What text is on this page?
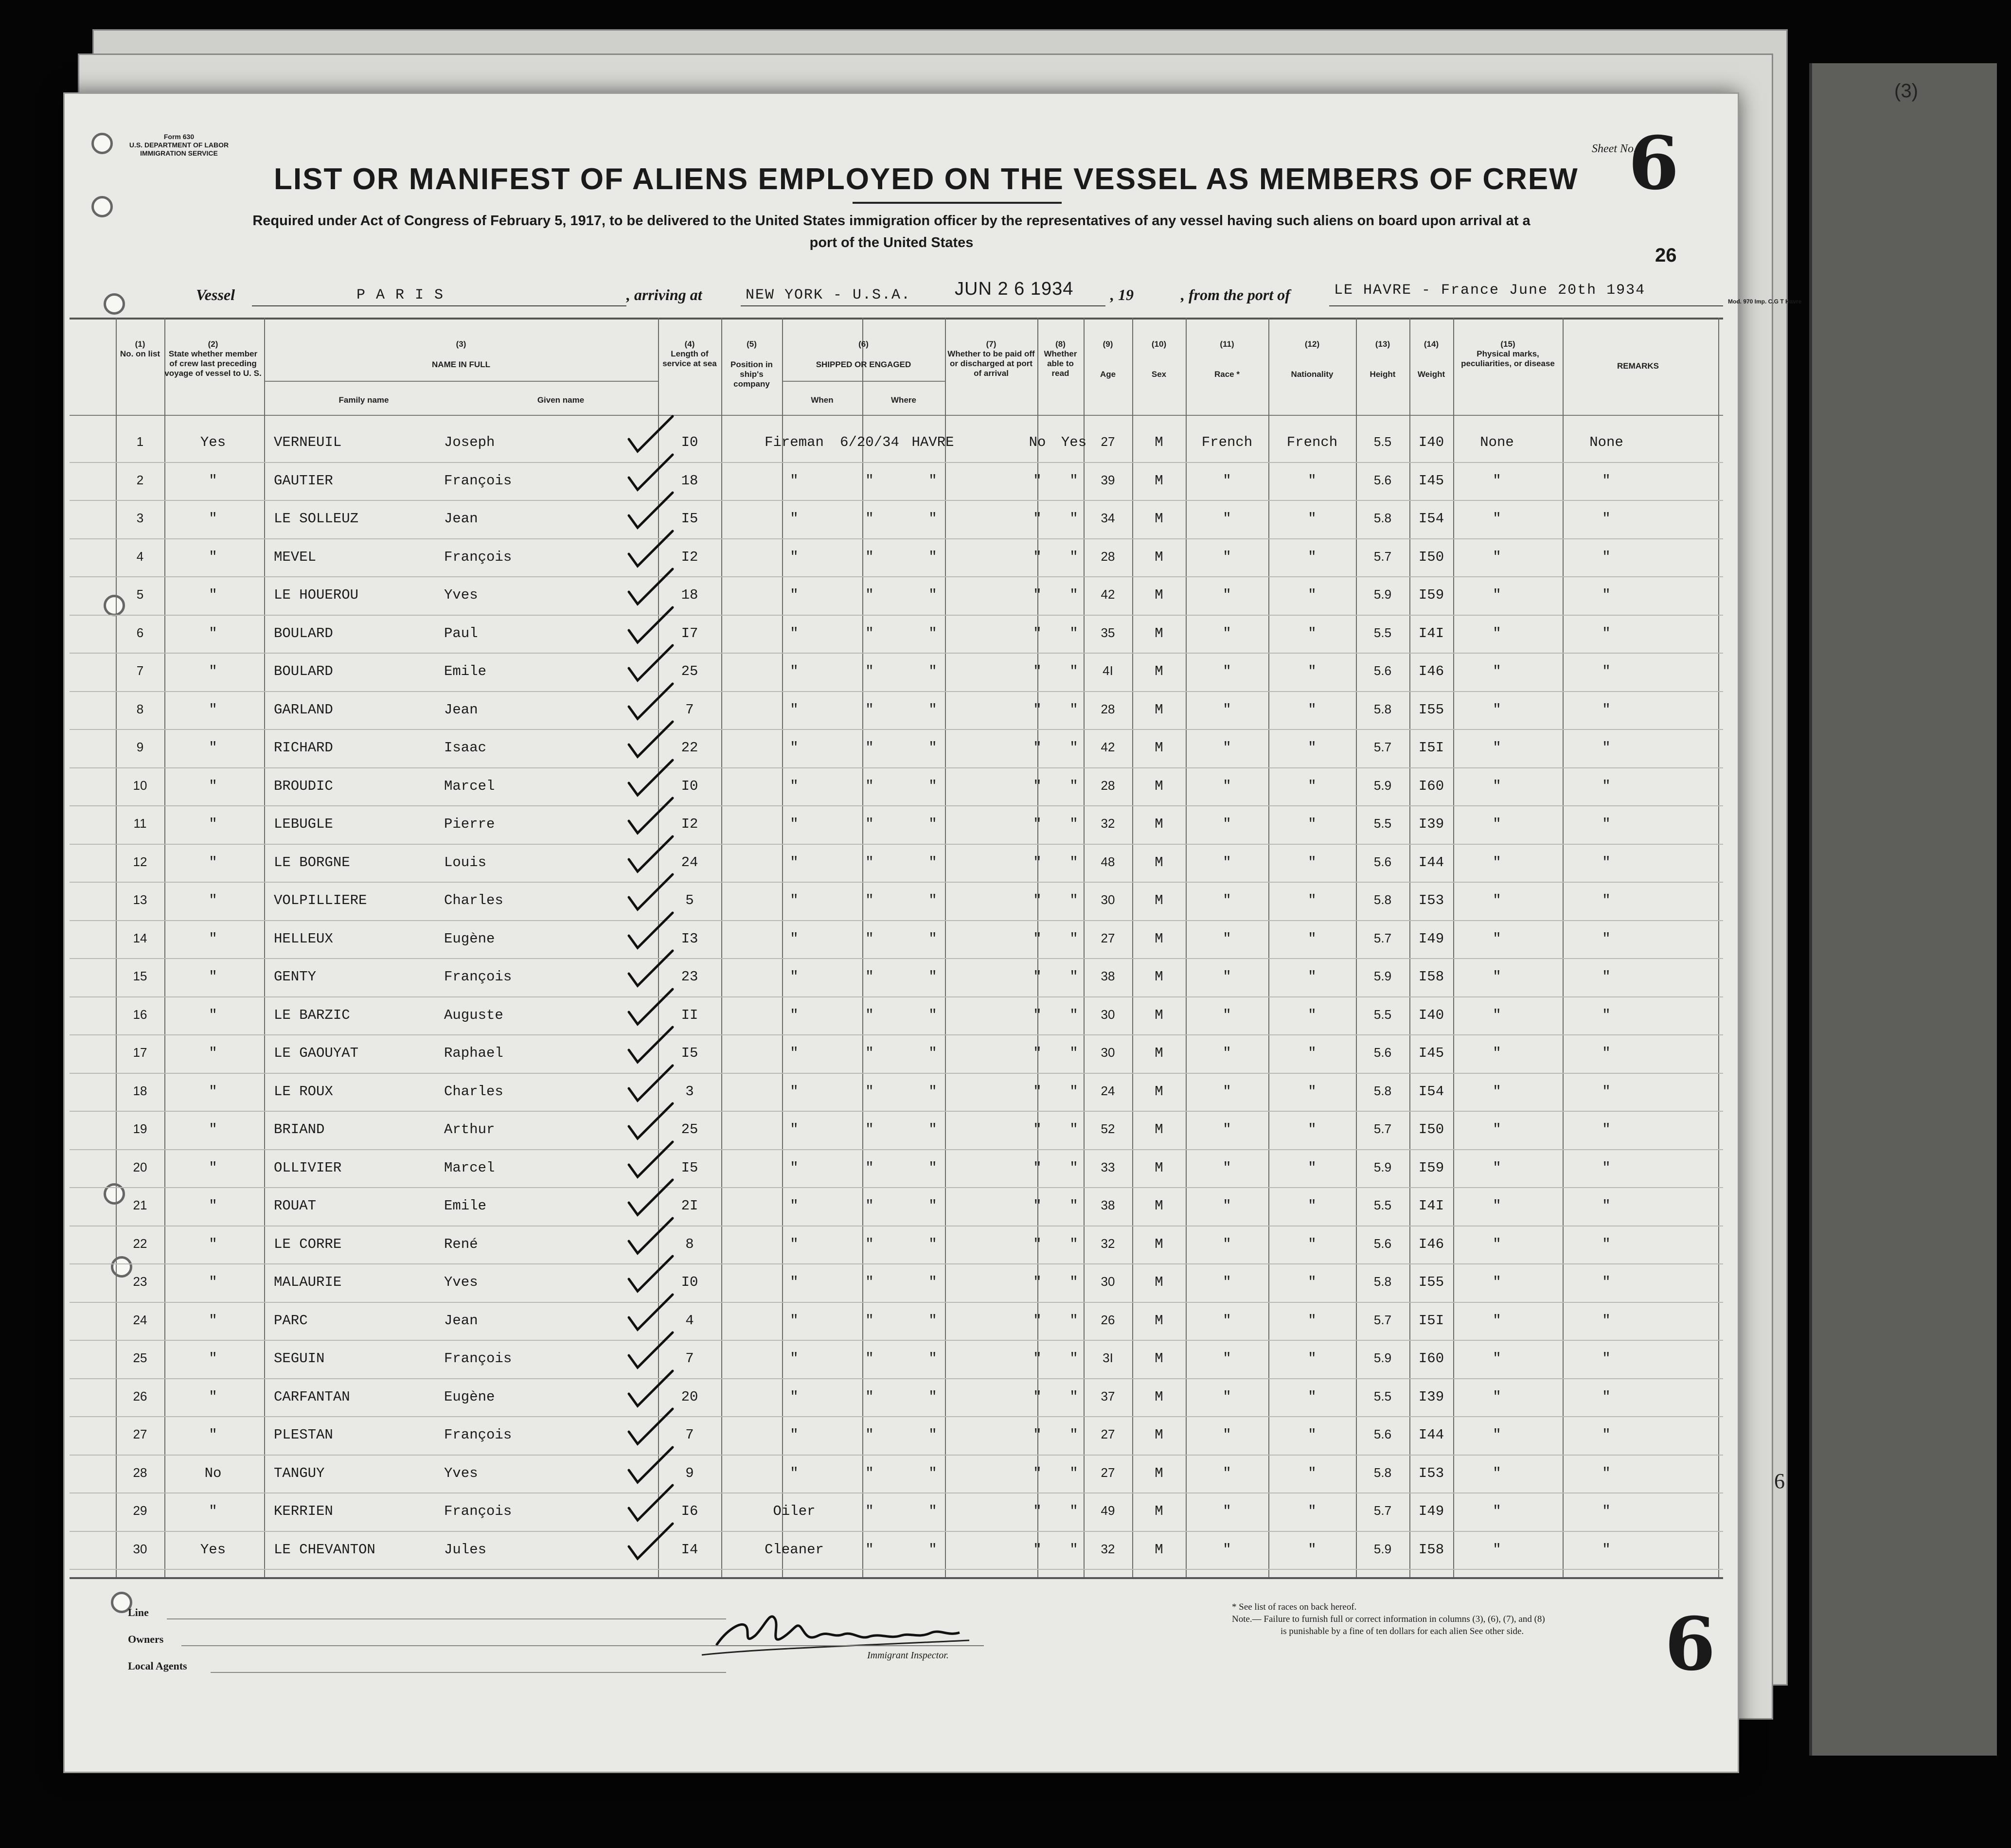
(3)
Form 630
U.S. DEPARTMENT OF LABOR
IMMIGRATION SERVICE
LIST OR MANIFEST OF ALIENS EMPLOYED ON THE VESSEL AS MEMBERS OF CREW
Sheet No.
6
Required under Act of Congress of February 5, 1917, to be delivered to the United States immigration officer by the representatives of any vessel having such aliens on board upon arrival at a
port of the United States
26
Vessel	P A R I S	, arriving at	NEW YORK - U.S.A. JUN 2 6 1934 , 19	, from the port of	LE HAVRE - France June 20th 1934
Mod. 970 Imp. C.G T Havre
(1)
No. on list
(2)
State whether member of crew last preceding voyage of vessel to U. S.
(3)
NAME IN FULL
Family name	Given name
(4)
Length of service at sea
(5)
Position in ship's company
(6)
SHIPPED OR ENGAGED
When	Where
(7)
Whether to be paid off or discharged at port of arrival
(8)
Whether able to read
(9)
Age
(10)
Sex
(11)
Race *
(12)
Nationality
(13)
Height
(14)
Weight
(15)
Physical marks, peculiarities, or disease	REMARKS
1	Yes	VERNEUIL	Joseph	I0	Fireman	6/20/34 HAVRE	No	Yes	27	M	French	French	5.5	I40	None	None
2	"	GAUTIER	François	18	"	"	"	"	"	39	M	"	"	5.6	I45	"	"
3	"	LE SOLLEUZ	Jean	I5	"	"	"	"	"	34	M	"	"	5.8	I54	"	"
4	"	MEVEL	François	I2	"	"	"	"	"	28	M	"	"	5.7	I50	"	"
5	"	LE HOUEROU	Yves	18	"	"	"	"	"	42	M	"	"	5.9	I59	"	"
6	"	BOULARD	Paul	I7	"	"	"	"	"	35	M	"	"	5.5	I4I	"	"
7	"	BOULARD	Emile	25	"	"	"	"	"	4I	M	"	"	5.6	I46	"	"
8	"	GARLAND	Jean	7	"	"	"	"	"	28	M	"	"	5.8	I55	"	"
9	"	RICHARD	Isaac	22	"	"	"	"	"	42	M	"	"	5.7	I5I	"	"
10	"	BROUDIC	Marcel	I0	"	"	"	"	"	28	M	"	"	5.9	I60	"	"
11	"	LEBUGLE	Pierre	I2	"	"	"	"	"	32	M	"	"	5.5	I39	"	"
12	"	LE BORGNE	Louis	24	"	"	"	"	"	48	M	"	"	5.6	I44	"	"
13	"	VOLPILLIERE	Charles	5	"	"	"	"	"	30	M	"	"	5.8	I53	"	"
14	"	HELLEUX	Eugène	I3	"	"	"	"	"	27	M	"	"	5.7	I49	"	"
15	"	GENTY	François	23	"	"	"	"	"	38	M	"	"	5.9	I58	"	"
16	"	LE BARZIC	Auguste	II	"	"	"	"	"	30	M	"	"	5.5	I40	"	"
17	"	LE GAOUYAT	Raphael	I5	"	"	"	"	"	30	M	"	"	5.6	I45	"	"
18	"	LE ROUX	Charles	3	"	"	"	"	"	24	M	"	"	5.8	I54	"	"
19	"	BRIAND	Arthur	25	"	"	"	"	"	52	M	"	"	5.7	I50	"	"
20	"	OLLIVIER	Marcel	I5	"	"	"	"	"	33	M	"	"	5.9	I59	"	"
21	"	ROUAT	Emile	2I	"	"	"	"	"	38	M	"	"	5.5	I4I	"	"
22	"	LE CORRE	René	8	"	"	"	"	"	32	M	"	"	5.6	I46	"	"
23	"	MALAURIE	Yves	I0	"	"	"	"	"	30	M	"	"	5.8	I55	"	"
24	"	PARC	Jean	4	"	"	"	"	"	26	M	"	"	5.7	I5I	"	"
25	"	SEGUIN	François	7	"	"	"	"	"	3I	M	"	"	5.9	I60	"	"
26	"	CARFANTAN	Eugène	20	"	"	"	"	"	37	M	"	"	5.5	I39	"	"
27	"	PLESTAN	François	7	"	"	"	"	"	27	M	"	"	5.6	I44	"	"
28	No	TANGUY	Yves	9	"	"	"	"	"	27	M	"	"	5.8	I53	"	"
29	"	KERRIEN	François	I6	Oiler	"	"	"	"	49	M	"	"	5.7	I49	"	"
30	Yes	LE CHEVANTON	Jules	I4	Cleaner	"	"	"	"	32	M	"	"	5.9	I58	"	"
Line
Owners
Local Agents
Immigrant Inspector.
* See list of races on back hereof.
Note.— Failure to furnish full or correct information in columns (3), (6), (7), and (8)
is punishable by a fine of ten dollars for each alien See other side. 6
6
